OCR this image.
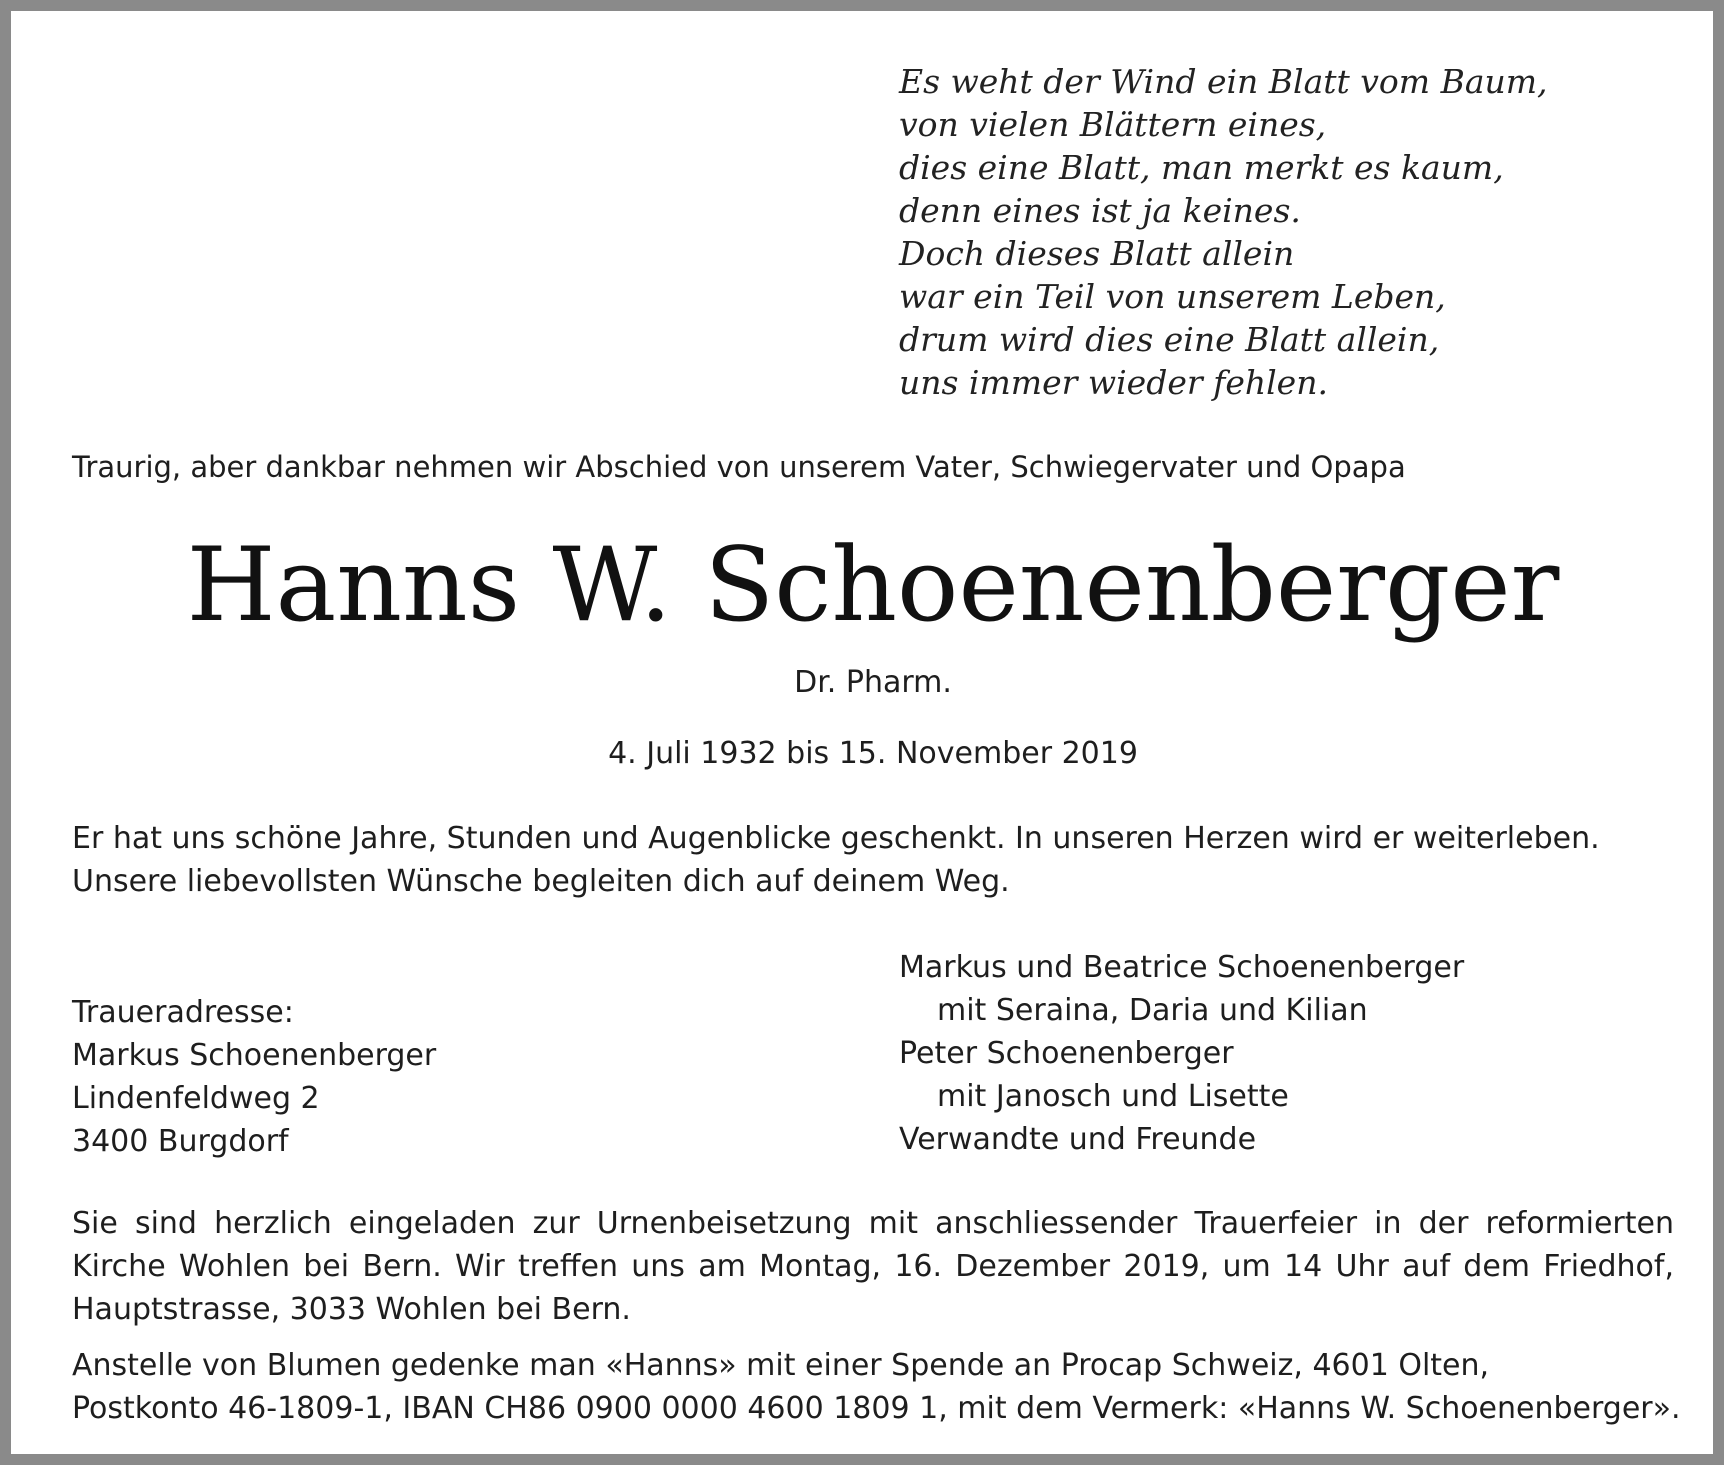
Es weht der Wind ein Blatt vom Baum,
von vielen Blättern eines,
dies eine Blatt, man merkt es kaum,
denn eines ist ja keines.
Doch dieses Blatt allein
war ein Teil von unserem Leben,
drum wird dies eine Blatt allein,
uns immer wieder fehlen.
Traurig, aber dankbar nehmen wir Abschied von unserem Vater, Schwiegervater und Opapa
Hanns W. Schoenenberger
Dr. Pharm.
4. Juli 1932 bis 15. November 2019
Er hat uns schöne Jahre, Stunden und Augenblicke geschenkt. In unseren Herzen wird er weiterleben.
Unsere liebevollsten Wünsche begleiten dich auf deinem Weg.
Traueradresse:
Markus Schoenenberger
Lindenfeldweg 2
3400 Burgdorf
Markus und Beatrice Schoenenberger
mit Seraina, Daria und Kilian
Peter Schoenenberger
mit Janosch und Lisette
Verwandte und Freunde
Sie sind herzlich eingeladen zur Urnenbeisetzung mit anschliessender Trauerfeier in der reformierten Kirche Wohlen bei Bern. Wir treffen uns am Montag, 16. Dezember 2019, um 14 Uhr auf dem Friedhof, Hauptstrasse, 3033 Wohlen bei Bern.
Anstelle von Blumen gedenke man «Hanns» mit einer Spende an Procap Schweiz, 4601 Olten,
Postkonto 46-1809-1, IBAN CH86 0900 0000 4600 1809 1, mit dem Vermerk: «Hanns W. Schoenenberger».
